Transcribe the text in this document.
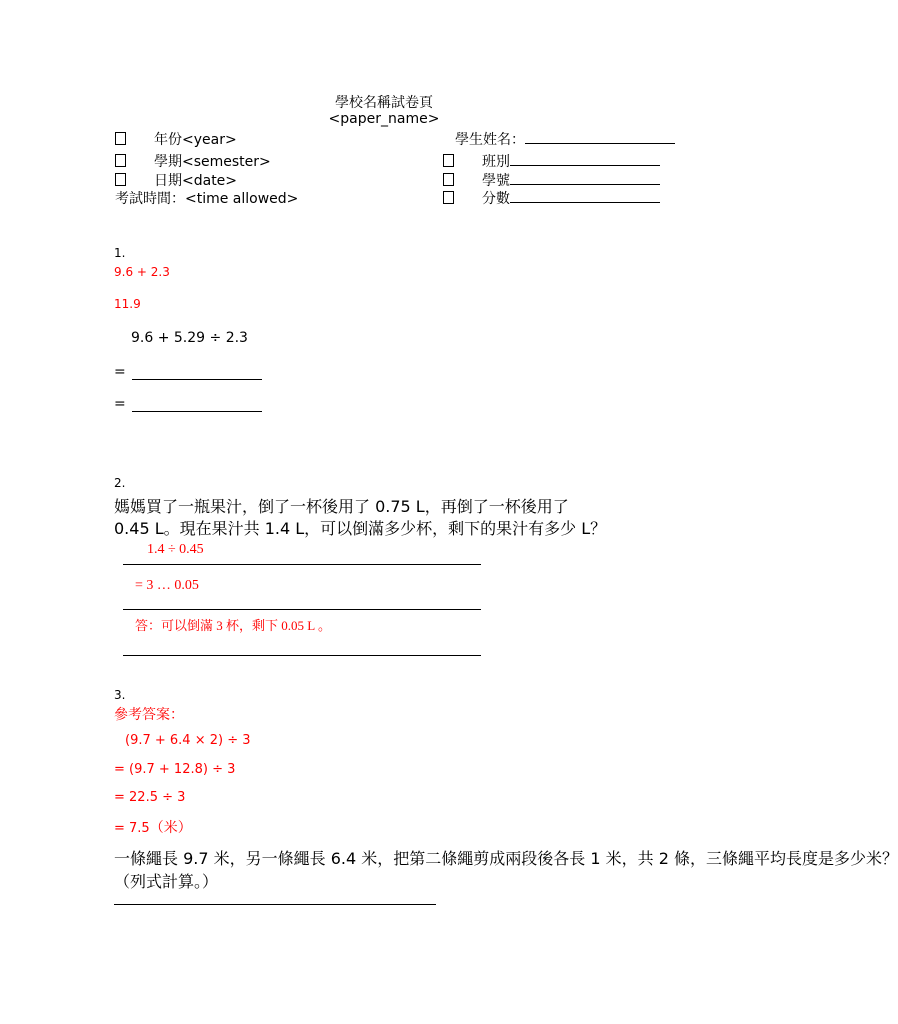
學校名稱試卷頁
<paper_name>
年份<year>
學期<semester>
日期<date>
考試時間：<time allowed>
學生姓名：
班別
學號
分數
1.
9.6 + 2.3
11.9
9.6 + 5.29 ÷ 2.3
=
=
2.
媽媽買了一瓶果汁，倒了一杯後用了 0.75 L，再倒了一杯後用了
0.45 L。現在果汁共 1.4 L，可以倒滿多少杯，剩下的果汁有多少 L？
1.4 ÷ 0.45
= 3 … 0.05
答：可以倒滿 3 杯，剩下 0.05 L 。
3.
參考答案：
(9.7 + 6.4 × 2) ÷ 3
= (9.7 + 12.8) ÷ 3
= 22.5 ÷ 3
= 7.5（米）
一條繩長 9.7 米，另一條繩長 6.4 米，把第二條繩剪成兩段後各長 1 米，共 2 條，三條繩平均長度是多少米？
（列式計算。）
